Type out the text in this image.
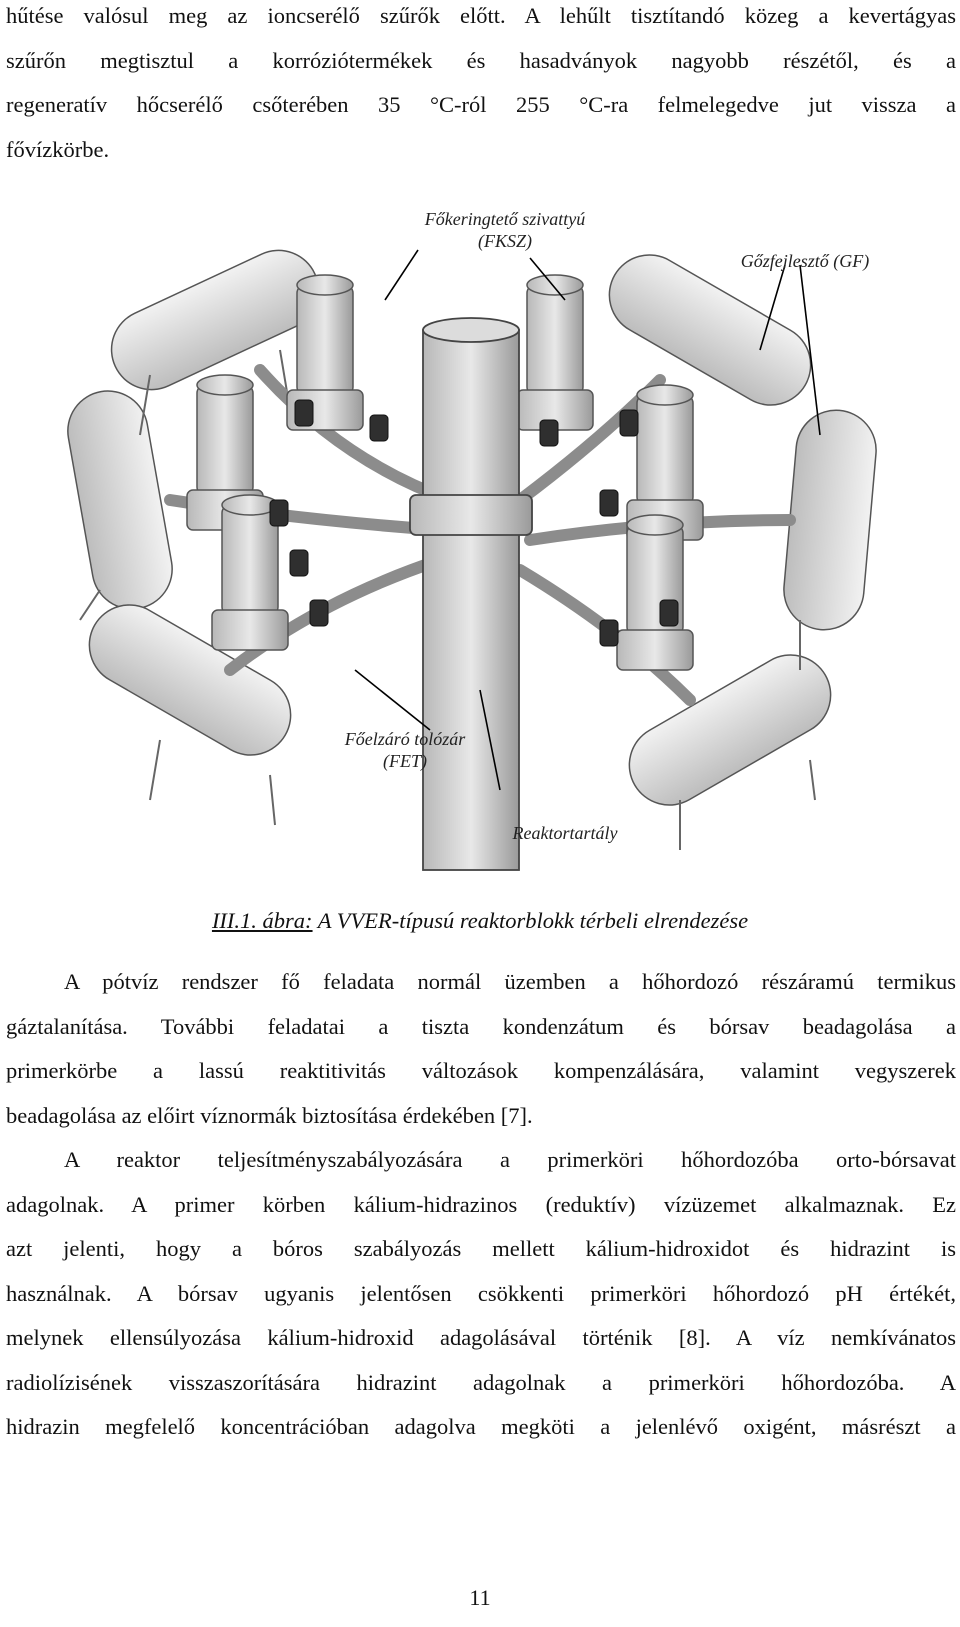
hűtése valósul meg az ioncserélő szűrők előtt. A lehűlt tisztítandó közeg a kevertágyas
szűrőn megtisztul a korróziótermékek és hasadványok nagyobb részétől, és a
regeneratív hőcserélő csőterében 35 °C-ról 255 °C-ra felmelegedve jut vissza a
fővízkörbe.
Főkeringtető szivattyú
(FKSZ)
Gőzfejlesztő (GF)
Főelzáró tolózár
(FET)
Reaktortartály
III.1. ábra: A VVER-típusú reaktorblokk térbeli elrendezése
A pótvíz rendszer fő feladata normál üzemben a hőhordozó részáramú termikus
gáztalanítása. További feladatai a tiszta kondenzátum és bórsav beadagolása a
primerkörbe a lassú reaktitivitás változások kompenzálására, valamint vegyszerek
beadagolása az előirt víznormák biztosítása érdekében [7].
A reaktor teljesítményszabályozására a primerköri hőhordozóba orto-bórsavat
adagolnak. A primer körben kálium-hidrazinos (reduktív) vízüzemet alkalmaznak. Ez
azt jelenti, hogy a bóros szabályozás mellett kálium-hidroxidot és hidrazint is
használnak. A bórsav ugyanis jelentősen csökkenti primerköri hőhordozó pH értékét,
melynek ellensúlyozása kálium-hidroxid adagolásával történik [8]. A víz nemkívánatos
radiolízisének visszaszorítására hidrazint adagolnak a primerköri hőhordozóba. A
hidrazin megfelelő koncentrációban adagolva megköti a jelenlévő oxigént, másrészt a
11
